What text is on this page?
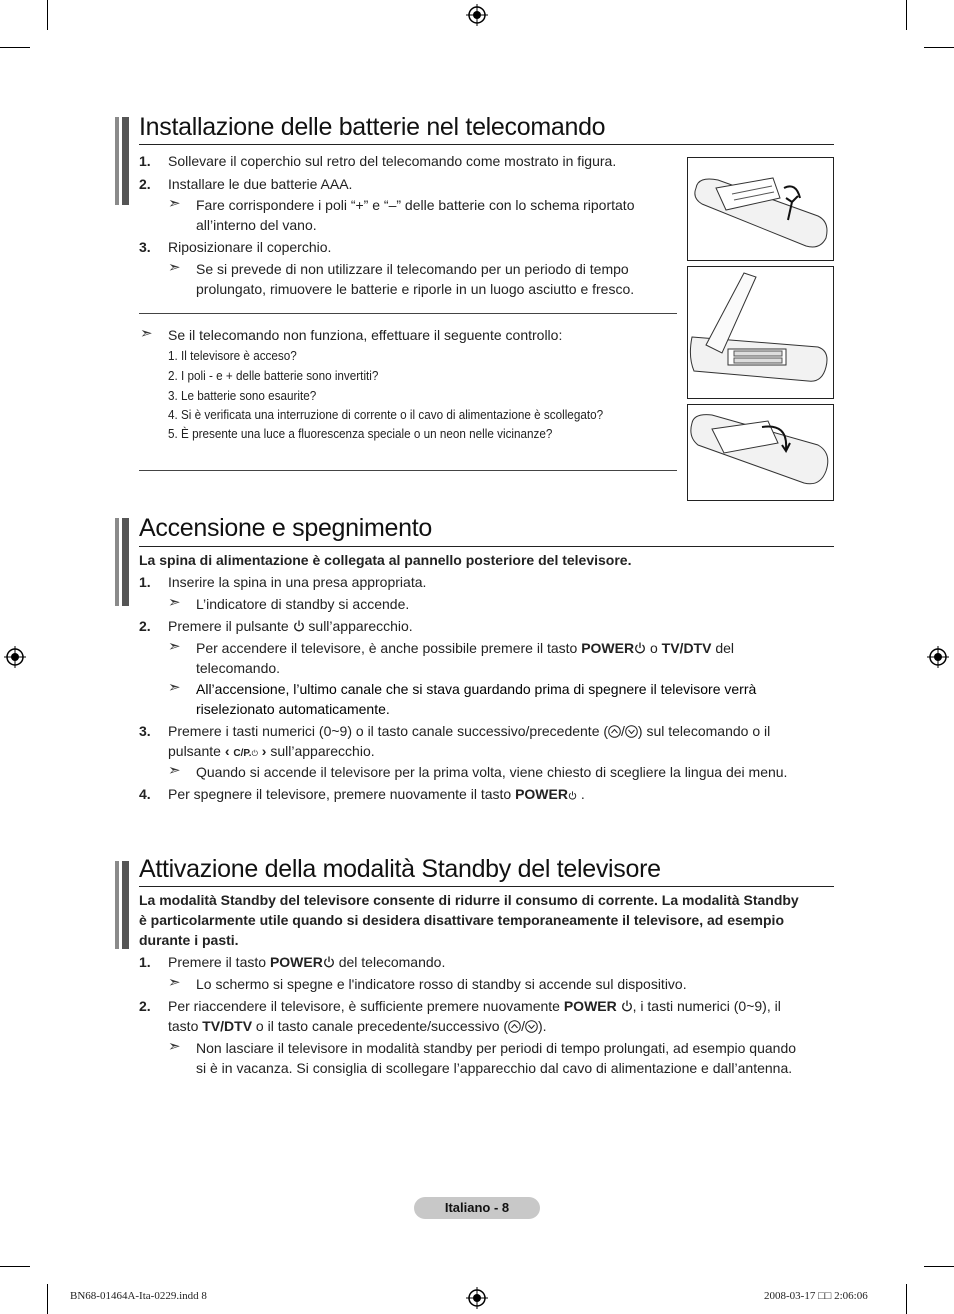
Installazione delle batterie nel telecomando
1. Sollevare il coperchio sul retro del telecomando come mostrato in figura.
2. Installare le due batterie AAA.
➣ Fare corrispondere i poli “+” e “–” delle batterie con lo schema riportato
all’interno del vano.
3. Riposizionare il coperchio.
➣ Se si prevede di non utilizzare il telecomando per un periodo di tempo
prolungato, rimuovere le batterie e riporle in un luogo asciutto e fresco.
➣ Se il telecomando non funziona, effettuare il seguente controllo:
1. Il televisore è acceso?
2. I poli - e + delle batterie sono invertiti?
3. Le batterie sono esaurite?
4. Si è verificata una interruzione di corrente o il cavo di alimentazione è scollegato?
5. È presente una luce a fluorescenza speciale o un neon nelle vicinanze?
Accensione e spegnimento
La spina di alimentazione è collegata al pannello posteriore del televisore.
1. Inserire la spina in una presa appropriata.
➣ L’indicatore di standby si accende.
2. Premere il pulsante sull’apparecchio.
➣ Per accendere il televisore, è anche possibile premere il tasto POWER o TV/DTV del
telecomando.
➣ All’accensione, l’ultimo canale che si stava guardando prima di spegnere il televisore verrà
riselezionato automaticamente.
3. Premere i tasti numerici (0~9) o il tasto canale successivo/precedente ( / ) sul telecomando o il
pulsante ‹ C/P.⏻ › sull’apparecchio.
➣ Quando si accende il televisore per la prima volta, viene chiesto di scegliere la lingua dei menu.
4. Per spegnere il televisore, premere nuovamente il tasto POWER .
Attivazione della modalità Standby del televisore
La modalità Standby del televisore consente di ridurre il consumo di corrente. La modalità Standby
è particolarmente utile quando si desidera disattivare temporaneamente il televisore, ad esempio
durante i pasti.
1. Premere il tasto POWER del telecomando.
➣ Lo schermo si spegne e l'indicatore rosso di standby si accende sul dispositivo.
2. Per riaccendere il televisore, è sufficiente premere nuovamente POWER , i tasti numerici (0~9), il
tasto TV/DTV o il tasto canale precedente/successivo ( / ).
➣ Non lasciare il televisore in modalità standby per periodi di tempo prolungati, ad esempio quando
si è in vacanza. Si consiglia di scollegare l’apparecchio dal cavo di alimentazione e dall’antenna.
Italiano - 8
BN68-01464A-Ita-0229.indd 8	2008-03-17 □□ 2:06:06
